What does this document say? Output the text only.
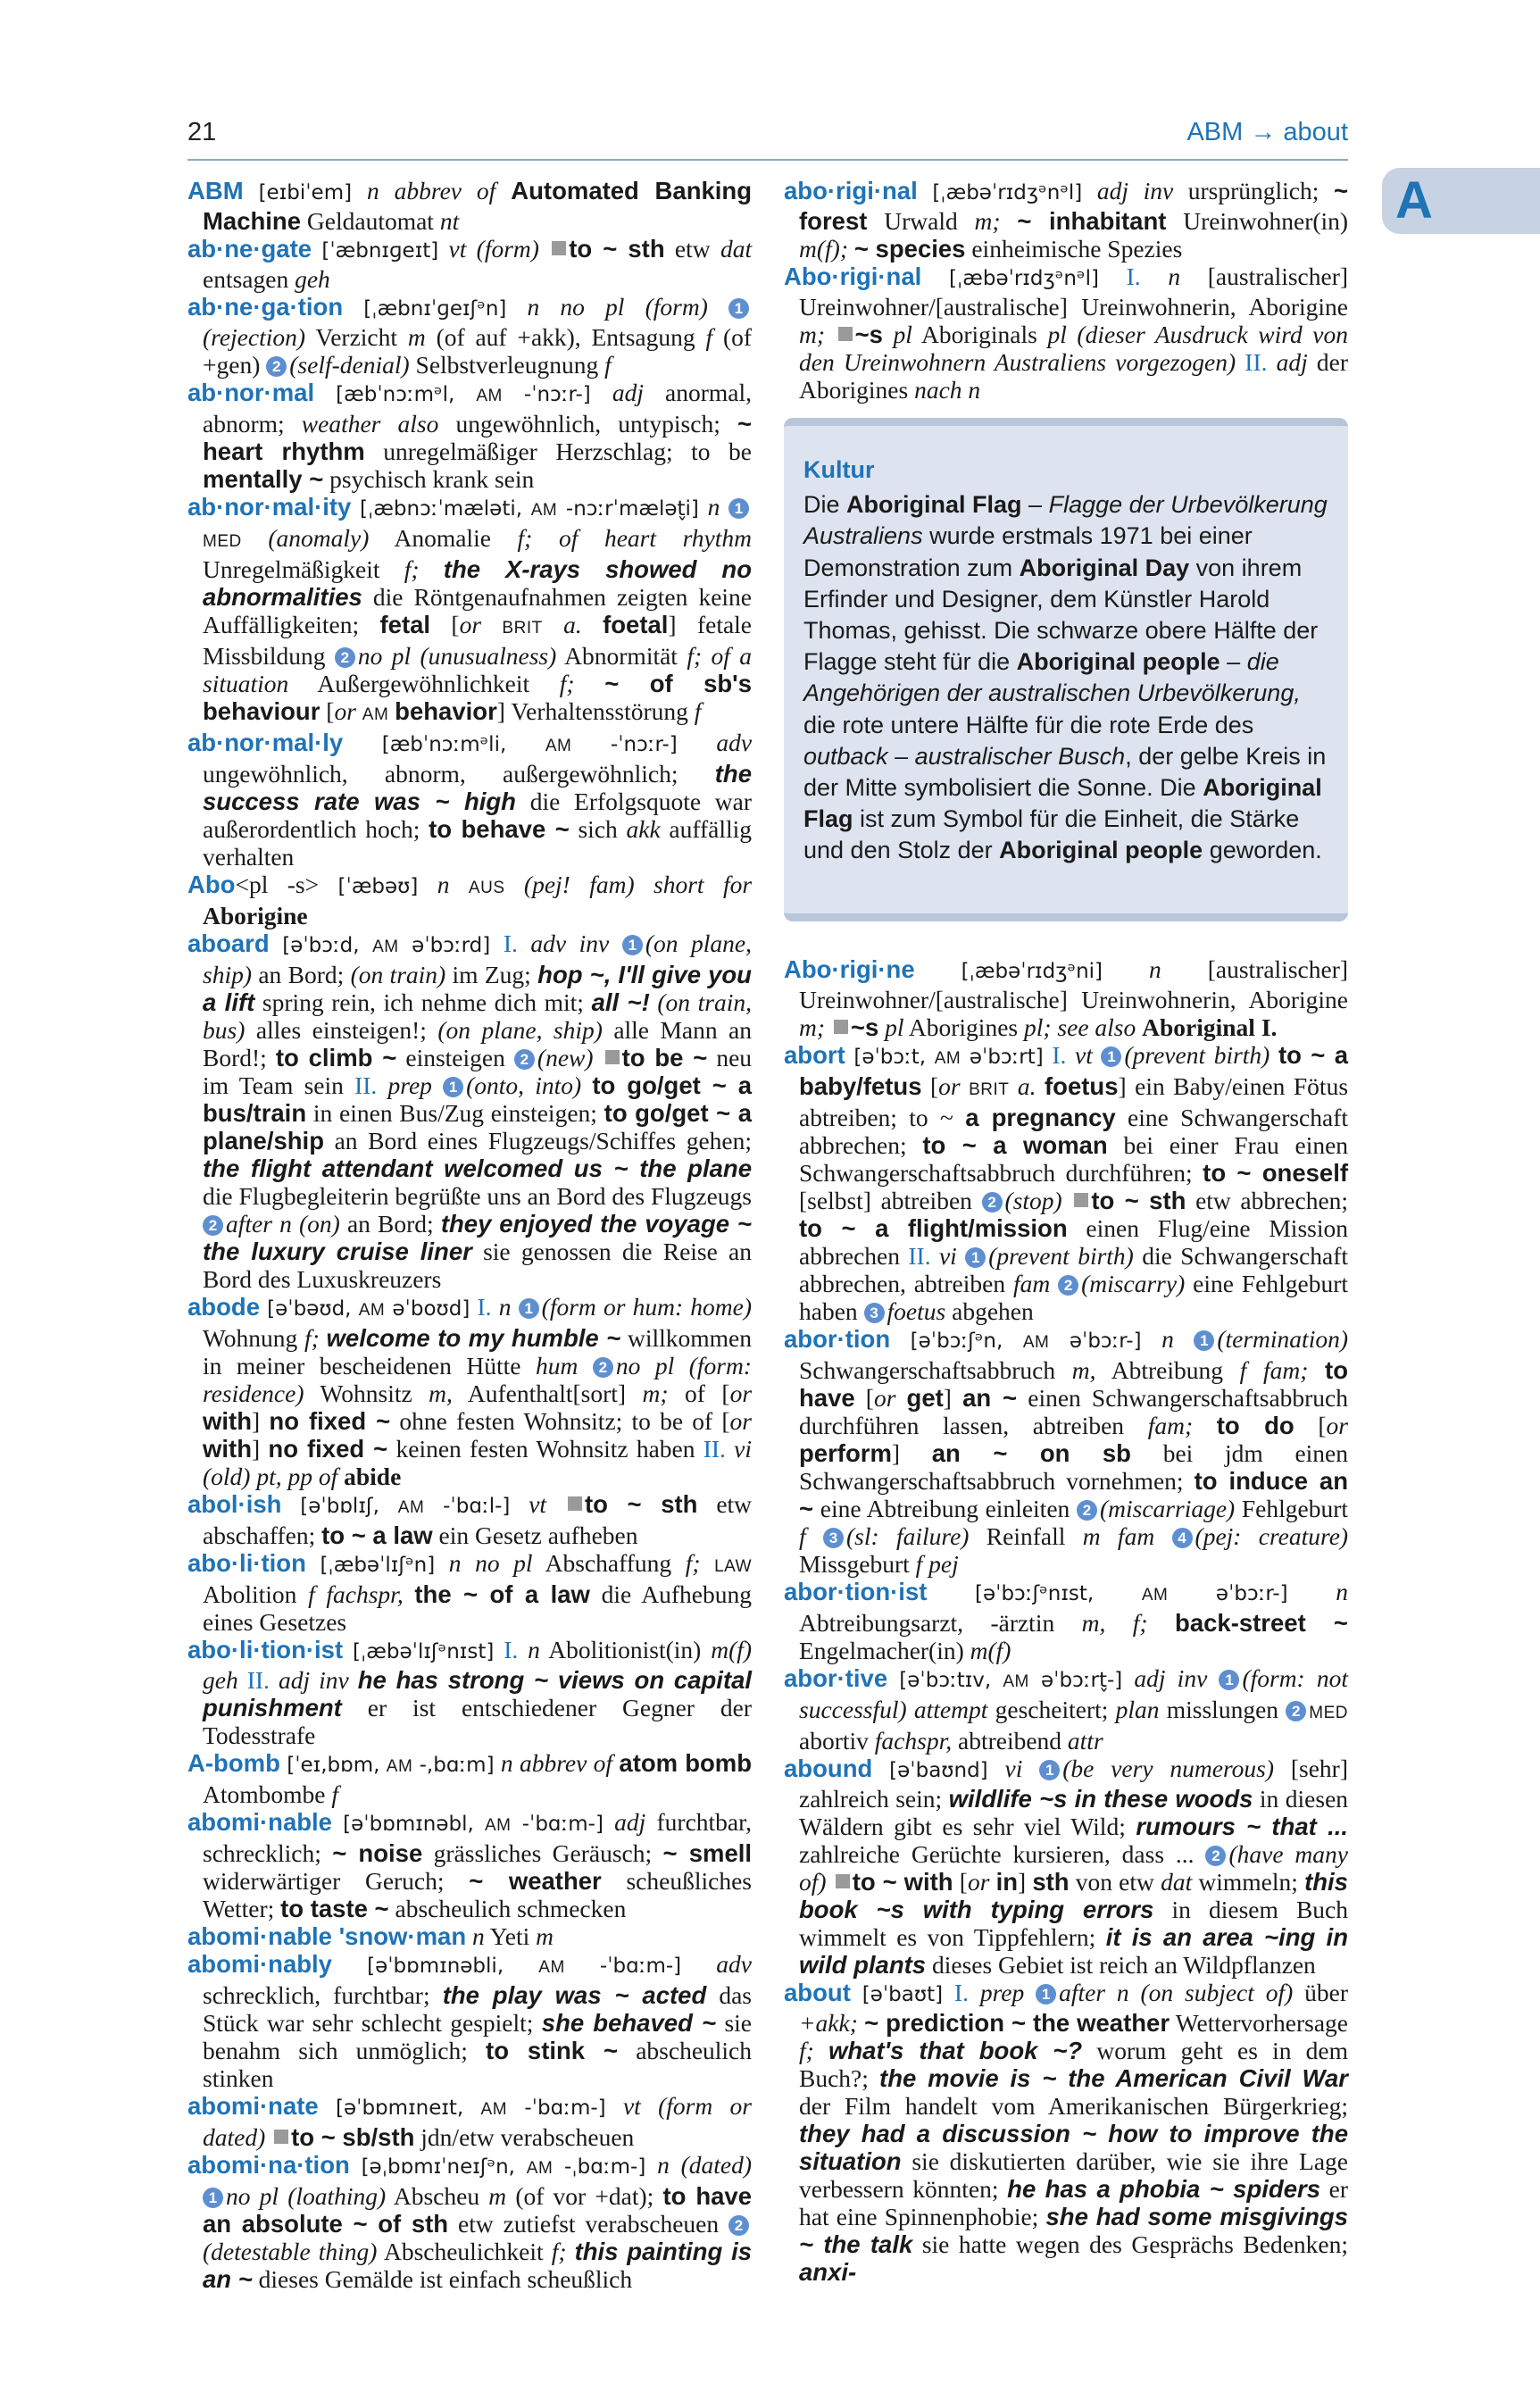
21	ABM → about
A

ABM [eɪbiˈem] n abbrev of Automated Banking Machine Geldautomat nt

ab·ne·gate [ˈæbnɪɡeɪt] vt (form) to ~ sth etw dat entsagen geh

ab·ne·ga·tion [ˌæbnɪˈɡeɪʃᵊn] n no pl (form) 1(rejection) Verzicht m (of auf +akk), Entsagung f (of +gen) 2 (self-denial) Selbstverleugnung f

ab·nor·mal [æbˈnɔːmᵊl, AM -ˈnɔːr-] adj anormal, abnorm; weather also ungewöhnlich, untypisch; ~ heart rhythm unregelmäßiger Herzschlag; to be mentally ~ psychisch krank sein

ab·nor·mal·ity [ˌæbnɔːˈmæləti, AM -nɔːrˈmælət̬i] n 1MED (anomaly) Anomalie f; of heart rhythm Unregelmäßigkeit f; the X-rays showed no abnormalities die Röntgenaufnahmen zeigten keine Auffälligkeiten; fetal [or BRIT a. foetal] fetale Missbildung 2 no pl (unusualness) Abnormität f; of a situation Außergewöhnlichkeit f; ~ of sb's behaviour [or AM behavior] Verhaltensstörung f

ab·nor·mal·ly [æbˈnɔːmᵊli, AM -ˈnɔːr-] adv ungewöhnlich, abnorm, außergewöhnlich; the success rate was ~ high die Erfolgsquote war außerordentlich hoch; to behave ~ sich akk auffällig verhalten

Abo<pl -s> [ˈæbəʊ] n AUS (pej! fam) short for Aborigine

aboard [əˈbɔːd, AM əˈbɔːrd] I. adv inv 1 (on plane, ship) an Bord; (on train) im Zug; hop ~, I'll give you a lift spring rein, ich nehme dich mit; all ~! (on train, bus) alles einsteigen!; (on plane, ship) alle Mann an Bord!; to climb ~ einsteigen 2 (new) to be ~ neu im Team sein II. prep 1 (onto, into) to go/get ~ a bus/train in einen Bus/Zug einsteigen; to go/get ~ a plane/ship an Bord eines Flugzeugs/Schiffes gehen; the flight attendant welcomed us ~ the plane die Flugbegleiterin begrüßte uns an Bord des Flugzeugs 2 after n (on) an Bord; they enjoyed the voyage ~ the luxury cruise liner sie genossen die Reise an Bord des Luxuskreuzers

abode [əˈbəʊd, AM əˈboʊd] I. n 1 (form or hum: home) Wohnung f; welcome to my humble ~ willkommen in meiner bescheidenen Hütte hum 2 no pl (form: residence) Wohnsitz m, Aufenthalt[sort] m; of [or with] no fixed ~ ohne festen Wohnsitz; to be of [or with] no fixed ~ keinen festen Wohnsitz haben II. vi (old) pt, pp of abide

abol·ish [əˈbɒlɪʃ, AM -ˈbɑːl-] vt to ~ sth etw abschaffen; to ~ a law ein Gesetz aufheben

abo·li·tion [ˌæbəˈlɪʃᵊn] n no pl Abschaffung f; LAW Abolition f fachspr, the ~ of a law die Aufhebung eines Gesetzes

abo·li·tion·ist [ˌæbəˈlɪʃᵊnɪst] I. n Abolitionist(in) m(f) geh II. adj inv he has strong ~ views on capital punishment er ist entschiedener Gegner der Todesstrafe

A-bomb [ˈeɪ,bɒm, AM -,bɑːm] n abbrev of atom bomb Atombombe f

abomi·nable [əˈbɒmɪnəbl, AM -ˈbɑːm-] adj furchtbar, schrecklich; ~ noise grässliches Geräusch; ~ smell widerwärtiger Geruch; ~ weather scheußliches Wetter; to taste ~ abscheulich schmecken

abomi·nable 'snow·man n Yeti m

abomi·nably [əˈbɒmɪnəbli, AM -ˈbɑːm-] adv schrecklich, furchtbar; the play was ~ acted das Stück war sehr schlecht gespielt; she behaved ~ sie benahm sich unmöglich; to stink ~ abscheulich stinken

abomi·nate [əˈbɒmɪneɪt, AM -ˈbɑːm-] vt (form or dated) to ~ sb/sth jdn/etw verabscheuen

abomi·na·tion [əˌbɒmɪˈneɪʃᵊn, AM -ˌbɑːm-] n (dated) 1 no pl (loathing) Abscheu m (of vor +dat); to have an absolute ~ of sth etw zutiefst verabscheuen 2(detestable thing) Abscheulichkeit f; this painting is an ~ dieses Gemälde ist einfach scheußlich

abo·rigi·nal [ˌæbəˈrɪdʒᵊnᵊl] adj inv ursprünglich; ~ forest Urwald m; ~ inhabitant Ureinwohner(in) m(f); ~ species einheimische Spezies

Abo·rigi·nal [ˌæbəˈrɪdʒᵊnᵊl] I. n [australischer] Ureinwohner/[australische] Ureinwohnerin, Aborigine m; ~s pl Aboriginals pl (dieser Ausdruck wird von den Ureinwohnern Australiens vorgezogen) II. adj der Aborigines nach n

Kultur

Die Aboriginal Flag – Flagge der Urbevölkerung Australiens wurde erstmals 1971 bei einer Demonstration zum Aboriginal Day von ihrem Erfinder und Designer, dem Künstler Harold Thomas, gehisst. Die schwarze obere Hälfte der Flagge steht für die Aboriginal people – die Angehörigen der australischen Urbevölkerung, die rote untere Hälfte für die rote Erde des outback – australischer Busch, der gelbe Kreis in der Mitte symbolisiert die Sonne. Die Aboriginal Flag ist zum Symbol für die Einheit, die Stärke und den Stolz der Aboriginal people geworden.

Abo·rigi·ne [ˌæbəˈrɪdʒᵊni] n [australischer] Ureinwohner/[australische] Ureinwohnerin, Aborigine m; ~s pl Aborigines pl; see also Aboriginal I.

abort [əˈbɔːt, AM əˈbɔːrt] I. vt 1 (prevent birth) to ~ a baby/fetus [or BRIT a. foetus] ein Baby/einen Fötus abtreiben; to ~ a pregnancy eine Schwangerschaft abbrechen; to ~ a woman bei einer Frau einen Schwangerschaftsabbruch durchführen; to ~ oneself [selbst] abtreiben 2 (stop) to ~ sth etw abbrechen; to ~ a flight/mission einen Flug/eine Mission abbrechen II. vi 1 (prevent birth) die Schwangerschaft abbrechen, abtreiben fam 2 (miscarry) eine Fehlgeburt haben 3 foetus abgehen

abor·tion [əˈbɔːʃᵊn, AM əˈbɔːr-] n 1 (termination) Schwangerschaftsabbruch m, Abtreibung f fam; to have [or get] an ~ einen Schwangerschaftsabbruch durchführen lassen, abtreiben fam; to do [or perform] an ~ on sb bei jdm einen Schwangerschaftsabbruch vornehmen; to induce an ~ eine Abtreibung einleiten 2 (miscarriage) Fehlgeburt f 3 (sl: failure) Reinfall m fam 4 (pej: creature) Missgeburt f pej

abor·tion·ist [əˈbɔːʃᵊnɪst,	AM əˈbɔːr-] n Abtreibungsarzt, -ärztin m, f; back-street ~ Engelmacher(in) m(f)

abor·tive [əˈbɔːtɪv, AM əˈbɔːrt̬-] adj inv 1 (form: not successful) attempt gescheitert; plan misslungen 2 MED abortiv fachspr, abtreibend attr

abound [əˈbaʊnd] vi 1 (be very numerous) [sehr] zahlreich sein; wildlife ~s in these woods in diesen Wäldern gibt es sehr viel Wild; rumours ~ that ... zahlreiche Gerüchte kursieren, dass ... 2 (have many of) to ~ with [or in] sth von etw dat wimmeln; this book ~s with typing errors in diesem Buch wimmelt es von Tippfehlern; it is an area ~ing in wild plants dieses Gebiet ist reich an Wildpflanzen

about [əˈbaʊt] I. prep 1 after n (on subject of) über +akk; ~ prediction ~ the weather Wettervorhersage f; what's that book ~? worum geht es in dem Buch?; the movie is ~ the American Civil War der Film handelt vom Amerikanischen Bürgerkrieg; they had a discussion ~ how to improve the situation sie diskutierten darüber, wie sie ihre Lage verbessern könnten; he has a phobia ~ spiders er hat eine Spinnenphobie; she had some misgivings ~ the talk sie hatte wegen des Gesprächs Bedenken; anxi-
